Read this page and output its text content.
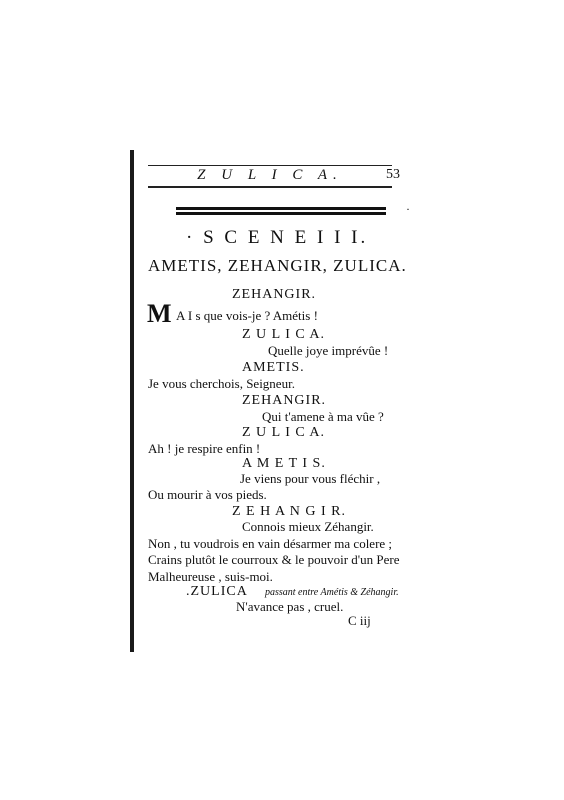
Z U L I C A.	53
·
· S C E N E I I I.
AMETIS, ZEHANGIR, ZULICA.
ZEHANGIR.
M A I s que vois-je ? Amétis !
Z U L I C A.
Quelle joye imprévûe !
AMETIS.
Je vous cherchois, Seigneur.
ZEHANGIR.
Qui t'amene à ma vûe ?
Z U L I C A.
Ah ! je respire enfin !
A M E T I S.
Je viens pour vous fléchir ,
Ou mourir à vos pieds.
Z E H A N G I R.
Connois mieux Zéhangir.
Non , tu voudrois en vain désarmer ma colere ;
Crains plutôt le courroux & le pouvoir d'un Pere
Malheureuse , suis-moi.
.ZULICA passant entre Amétis & Zéhangir.
N'avance pas , cruel.
C iij
